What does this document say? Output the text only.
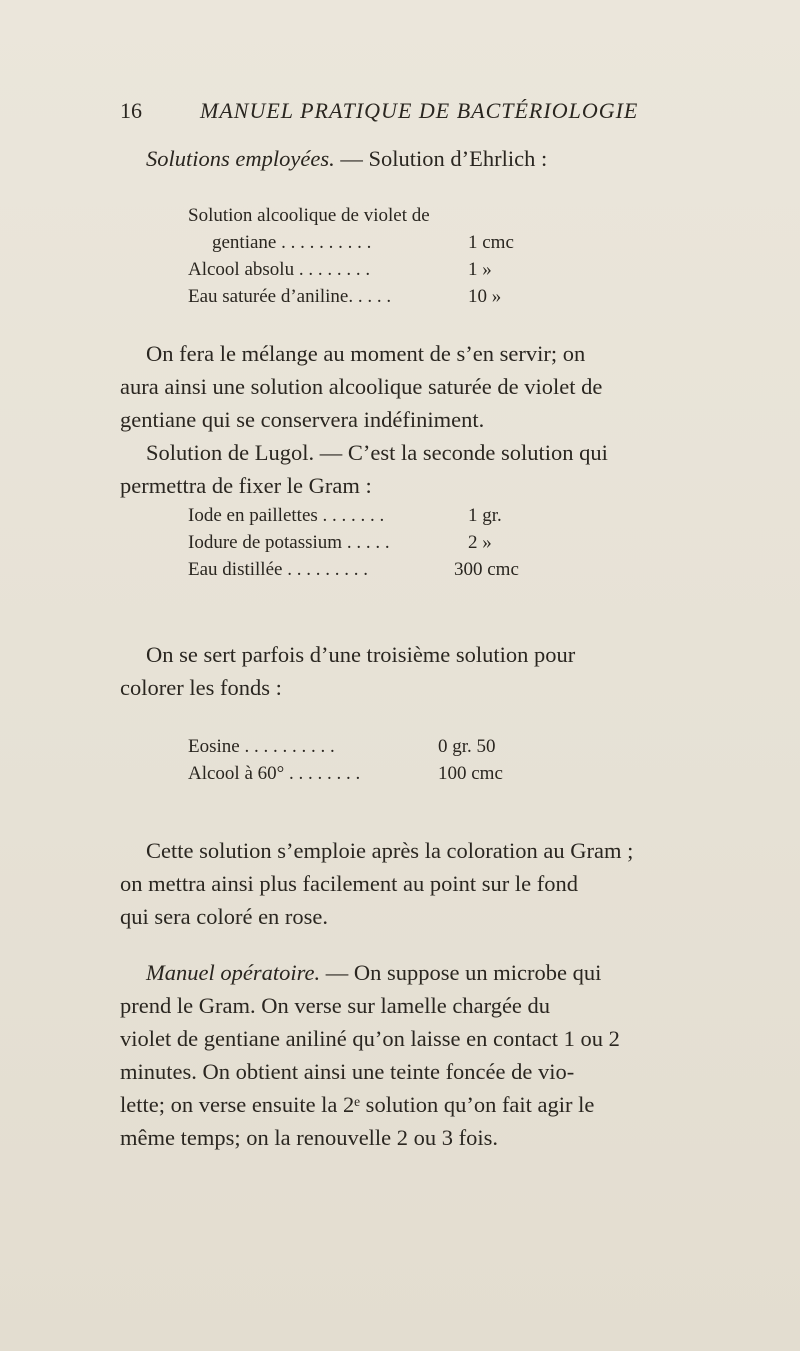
16	MANUEL PRATIQUE DE BACTÉRIOLOGIE
Solutions employées. — Solution d’Ehrlich :
Solution alcoolique de violet de
gentiane . . . . . . . . . .	1 cmc
Alcool absolu . . . . . . . .	1 »
Eau saturée d’aniline. . . . .	10 »
On fera le mélange au moment de s’en servir; on
aura ainsi une solution alcoolique saturée de violet de
gentiane qui se conservera indéfiniment.
Solution de Lugol. — C’est la seconde solution qui
permettra de fixer le Gram :
Iode en paillettes . . . . . . .	1 gr.
Iodure de potassium . . . . .	2 »
Eau distillée . . . . . . . . .	300 cmc
On se sert parfois d’une troisième solution pour
colorer les fonds :
Eosine . . . . . . . . . .	0 gr. 50
Alcool à 60° . . . . . . . .	100 cmc
Cette solution s’emploie après la coloration au Gram ;
on mettra ainsi plus facilement au point sur le fond
qui sera coloré en rose.
Manuel opératoire. — On suppose un microbe qui
prend le Gram. On verse sur lamelle chargée du
violet de gentiane aniliné qu’on laisse en contact 1 ou 2
minutes. On obtient ainsi une teinte foncée de vio-
lette; on verse ensuite la 2ᵉ solution qu’on fait agir le
même temps; on la renouvelle 2 ou 3 fois.
